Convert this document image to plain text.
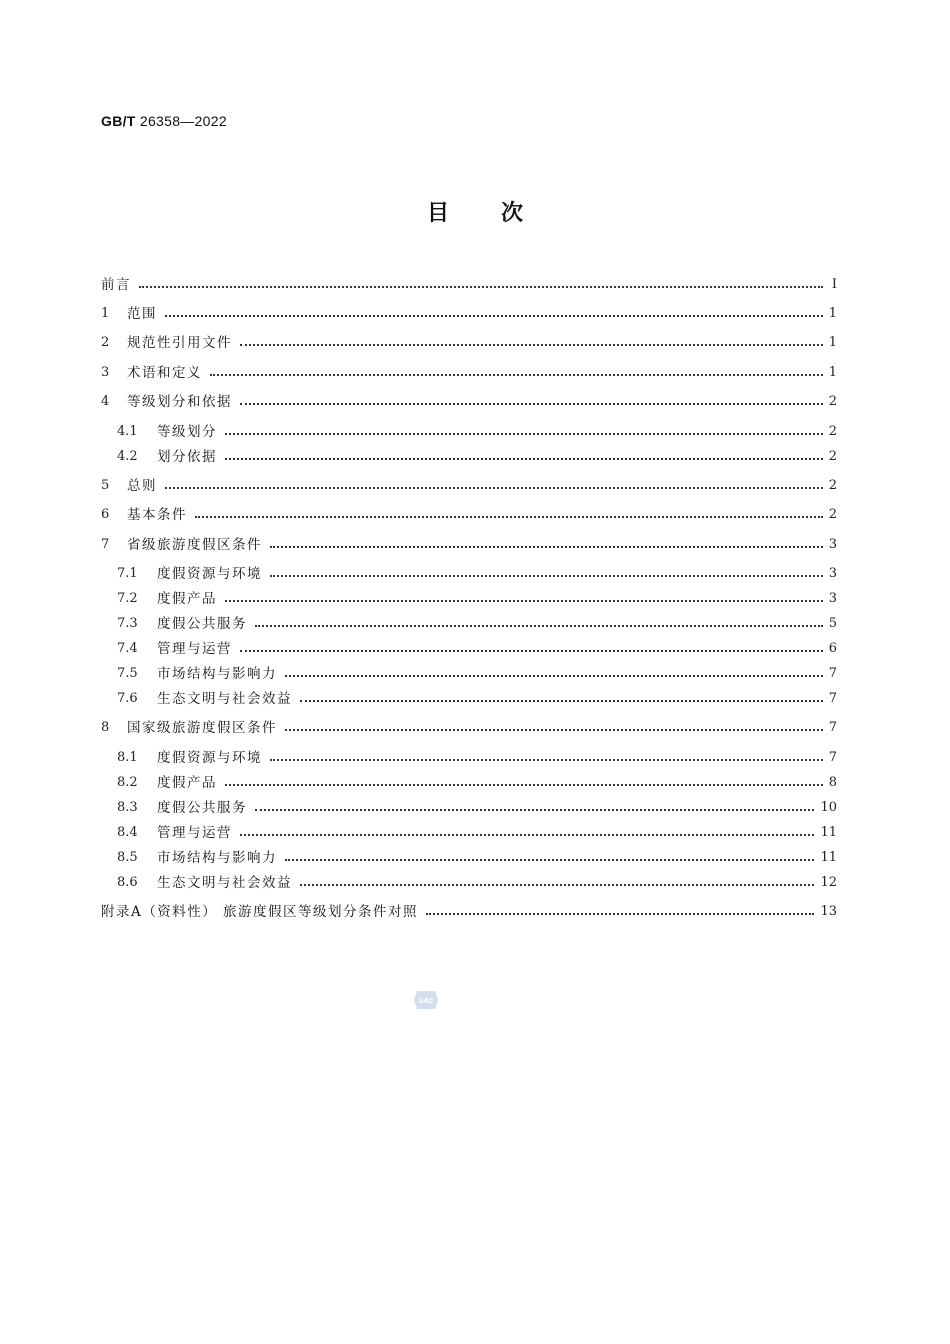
GB/T 26358—2022
目次
前言	Ⅰ
1	范围	1
2	规范性引用文件	1
3	术语和定义	1
4	等级划分和依据	2
4.1	等级划分	2
4.2	划分依据	2
5	总则	2
6	基本条件	2
7	省级旅游度假区条件	3
7.1	度假资源与环境	3
7.2	度假产品	3
7.3	度假公共服务	5
7.4	管理与运营	6
7.5	市场结构与影响力	7
7.6	生态文明与社会效益	7
8	国家级旅游度假区条件	7
8.1	度假资源与环境	7
8.2	度假产品	8
8.3	度假公共服务	10
8.4	管理与运营	11
8.5	市场结构与影响力	11
8.6	生态文明与社会效益	12
附录A（资料性） 旅游度假区等级划分条件对照	13
SAC
